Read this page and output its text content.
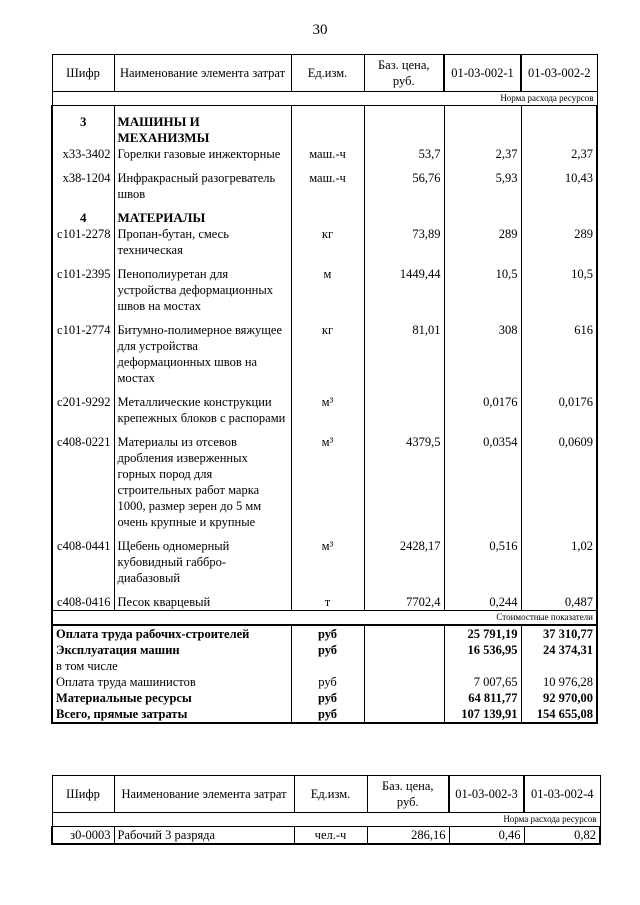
30
Шифр	Наименование элемента затрат	Ед.изм.	Баз. цена, руб.	01-03-002-1	01-03-002-2
Норма расхода ресурсов					

3	МАШИНЫ И МЕХАНИЗМЫ				
х33-3402	Горелки газовые инжекторные	маш.-ч	53,7	2,37	2,37

х38-1204	Инфракрасный разогреватель швов	маш.-ч	56,76	5,93	10,43

4	МАТЕРИАЛЫ				
с101-2278	Пропан-бутан, смесь техническая	кг	73,89	289	289

с101-2395	Пенополиуретан для устройства деформационных швов на мостах	м	1449,44	10,5	10,5

с101-2774	Битумно-полимерное вяжущее для устройства деформационных швов на мостах	кг	81,01	308	616

с201-9292	Металлические конструкции крепежных блоков с распорами	м³		0,0176	0,0176

с408-0221	Материалы из отсевов дробления изверженных горных пород для строительных работ марка 1000, размер зерен до 5 мм очень крупные и крупные	м³	4379,5	0,0354	0,0609

с408-0441	Щебень одномерный кубовидный габбро-диабазовый	м³	2428,17	0,516	1,02

с408-0416	Песок кварцевый	т	7702,4	0,244	0,487
Стоимостные показатели					
Оплата труда рабочих-строителей		руб		25 791,19	37 310,77
Эксплуатация машин		руб		16 536,95	24 374,31
в том числе					
Оплата труда машинистов		руб		7 007,65	10 976,28
Материальные ресурсы		руб		64 811,77	92 970,00
Всего, прямые затраты		руб		107 139,91	154 655,08
Шифр	Наименование элемента затрат	Ед.изм.	Баз. цена, руб.	01-03-002-3	01-03-002-4
Норма расхода ресурсов					
з0-0003	Рабочий 3 разряда	чел.-ч	286,16	0,46	0,82
